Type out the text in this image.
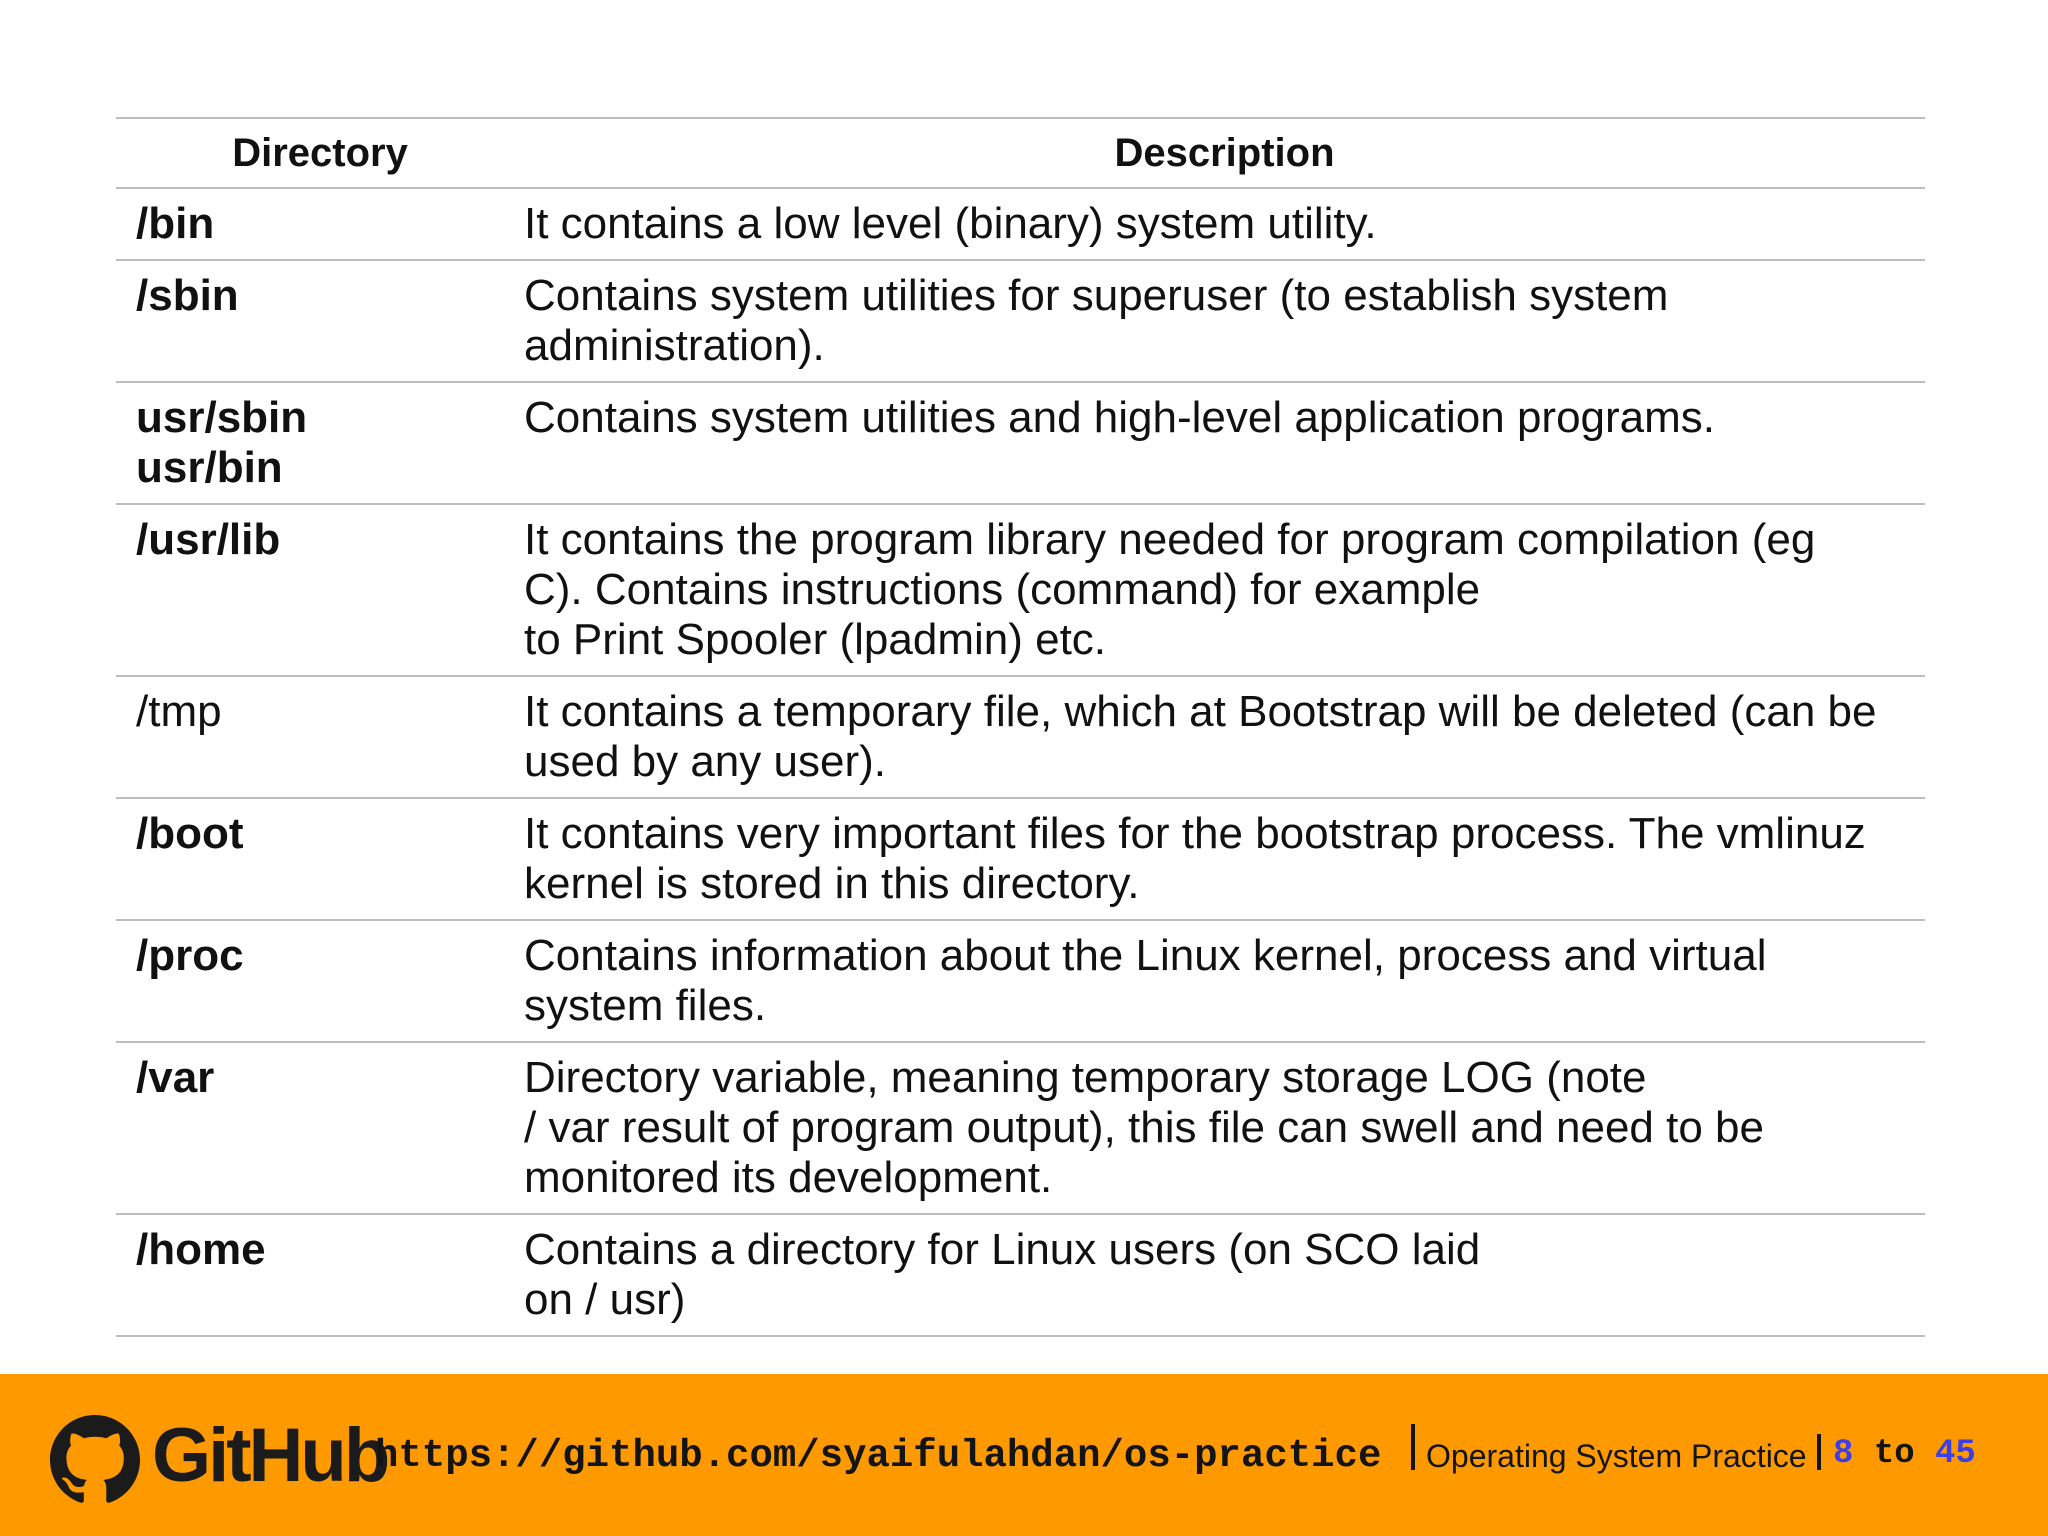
Directory	Description

/bin	It contains a low level (binary) system utility.

/sbin	Contains system utilities for superuser (to establish system administration).

usr/sbin
usr/bin	Contains system utilities and high-level application programs.

/usr/lib	It contains the program library needed for program compilation (eg C). Contains instructions (command) for example
to Print Spooler (lpadmin) etc.

/tmp	It contains a temporary file, which at Bootstrap will be deleted (can be used by any user).

/boot	It contains very important files for the bootstrap process. The vmlinuz kernel is stored in this directory.

/proc	Contains information about the Linux kernel, process and virtual system files.

/var	Directory variable, meaning temporary storage LOG (note
/ var result of program output), this file can swell and need to be monitored its development.

/home	Contains a directory for Linux users (on SCO laid
on / usr)
GitHub
https://github.com/syaifulahdan/os-practice Operating System Practice 8 to 45
